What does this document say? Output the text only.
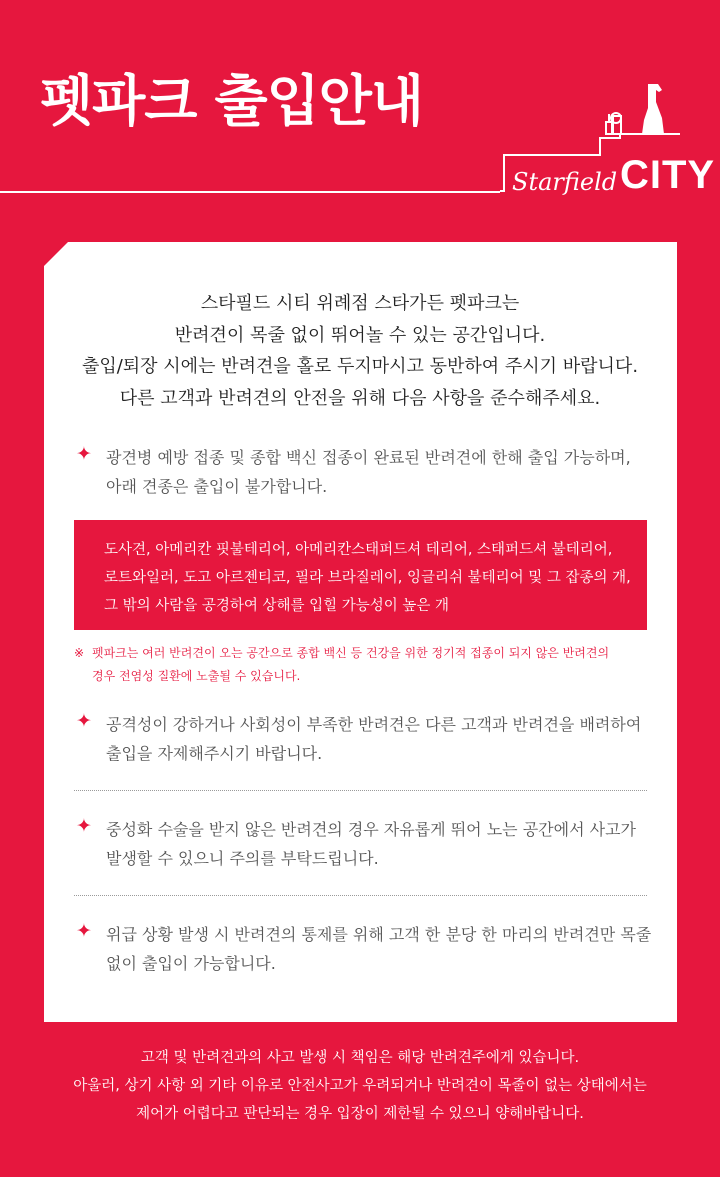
펫파크 출입안내
Starfield CITY
스타필드 시티 위례점 스타가든 펫파크는
반려견이 목줄 없이 뛰어놀 수 있는 공간입니다.
출입/퇴장 시에는 반려견을 홀로 두지마시고 동반하여 주시기 바랍니다.
다른 고객과 반려견의 안전을 위해 다음 사항을 준수해주세요.
✦ 광견병 예방 접종 및 종합 백신 접종이 완료된 반려견에 한해 출입 가능하며,
아래 견종은 출입이 불가합니다.
도사견, 아메리칸 핏불테리어, 아메리칸스태퍼드셔 테리어, 스태퍼드셔 불테리어,
로트와일러, 도고 아르젠티코, 필라 브라질레이, 잉글리쉬 불테리어 및 그 잡종의 개,
그 밖의 사람을 공경하여 상해를 입힐 가능성이 높은 개
※ 펫파크는 여러 반려견이 오는 공간으로 종합 백신 등 건강을 위한 정기적 접종이 되지 않은 반려견의
경우 전염성 질환에 노출될 수 있습니다.
✦ 공격성이 강하거나 사회성이 부족한 반려견은 다른 고객과 반려견을 배려하여
출입을 자제해주시기 바랍니다.
✦ 중성화 수술을 받지 않은 반려견의 경우 자유롭게 뛰어 노는 공간에서 사고가
발생할 수 있으니 주의를 부탁드립니다.
✦ 위급 상황 발생 시 반려견의 통제를 위해 고객 한 분당 한 마리의 반려견만 목줄
없이 출입이 가능합니다.
고객 및 반려견과의 사고 발생 시 책임은 해당 반려견주에게 있습니다.
아울러, 상기 사항 외 기타 이유로 안전사고가 우려되거나 반려견이 목줄이 없는 상태에서는
제어가 어렵다고 판단되는 경우 입장이 제한될 수 있으니 양해바랍니다.
